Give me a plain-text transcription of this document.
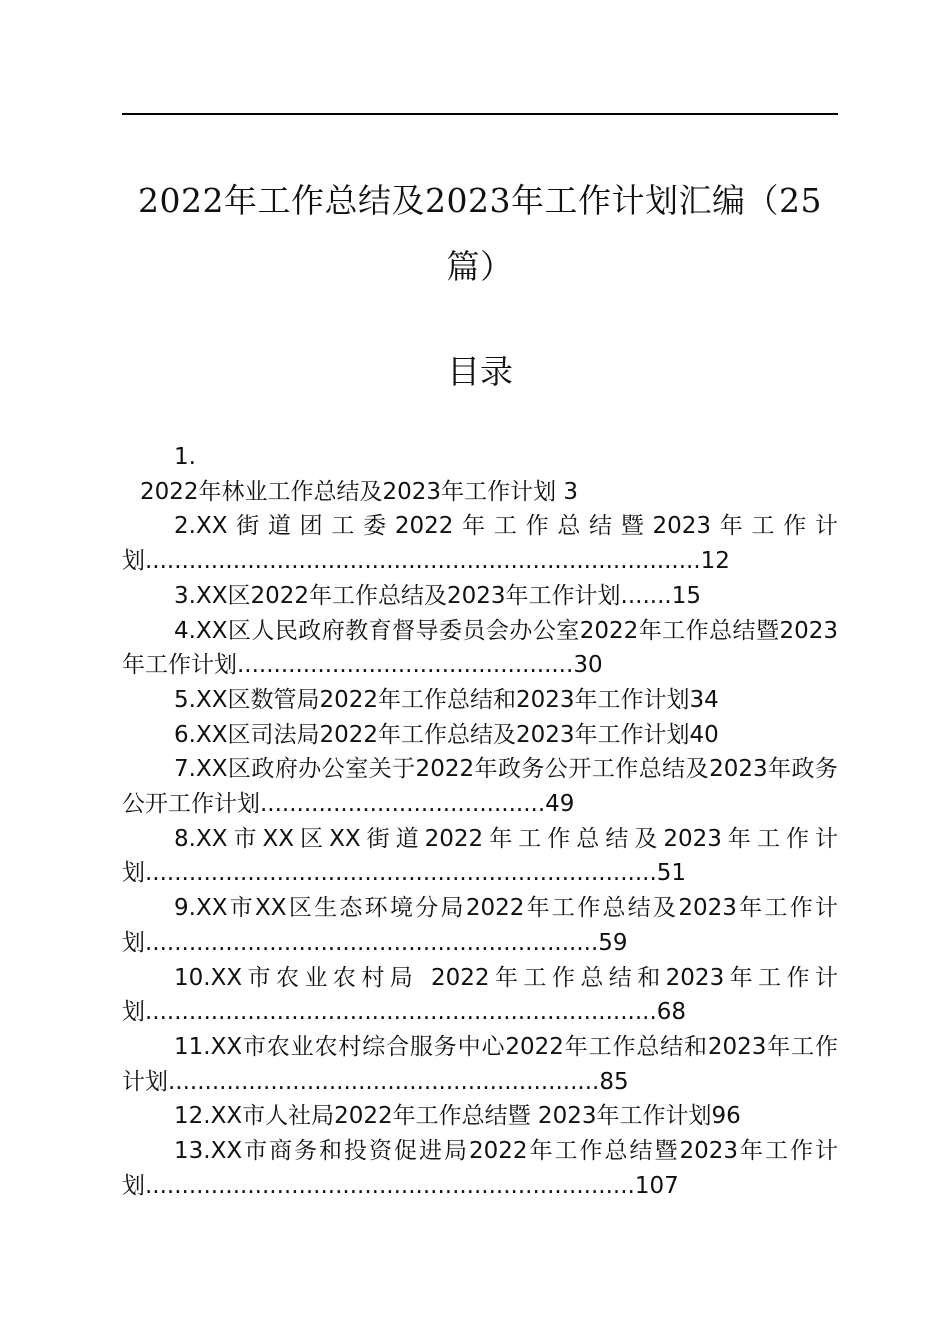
2022年工作总结及2023年工作计划汇编（25篇）
目录
1.
2022年林业工作总结及2023年工作计划 3
2.XX街道团工委2022年工作总结暨2023年工作计划............................................................................12
3.XX区2022年工作总结及2023年工作计划.......15
4.XX区人民政府教育督导委员会办公室2022年工作总结暨2023年工作计划..............................................30
5.XX区数管局2022年工作总结和2023年工作计划34
6.XX区司法局2022年工作总结及2023年工作计划40
7.XX区政府办公室关于2022年政务公开工作总结及2023年政务公开工作计划.......................................49
8.XX市XX区XX街道2022年工作总结及2023年工作计划......................................................................51
9.XX市XX区生态环境分局2022年工作总结及2023年工作计划..............................................................59
10.XX市农业农村局 2022年工作总结和2023年工作计划......................................................................68
11.XX市农业农村综合服务中心2022年工作总结和2023年工作计划...........................................................85
12.XX市人社局2022年工作总结暨 2023年工作计划96
13.XX市商务和投资促进局2022年工作总结暨2023年工作计划...................................................................107
